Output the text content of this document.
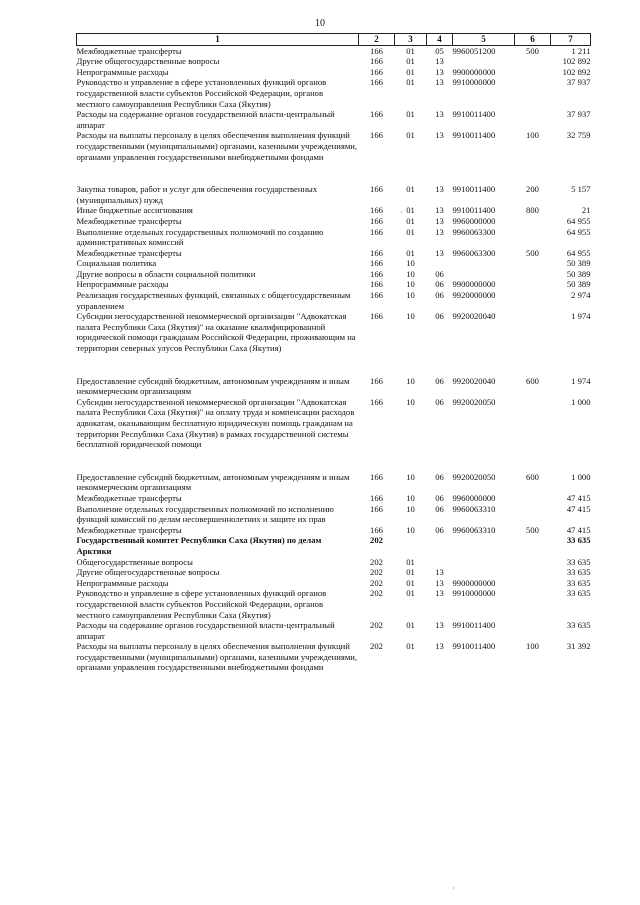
10
1	2	3	4	5	6	7
Межбюджетные трансферты	166	01	05	9960051200	500	1 211
Другие общегосударственные вопросы	166	01	13			102 892
Непрограммные расходы	166	01	13	9900000000		102 892
Руководство и управление в сфере установленных функций органов государственной власти субъектов Российской Федерации, органов местного самоуправления Республики Саха (Якутия)	166	01	13	9910000000		37 937
Расходы на содержание органов государственной власти-центральный аппарат	166	01	13	9910011400		37 937
Расходы на выплаты персоналу в целях обеспечения выполнения функций государственными (муниципальными) органами, казенными учреждениями, органами управления государственными внебюджетными фондами	166	01	13	9910011400	100	32 759
Закупка товаров, работ и услуг для обеспечения государственных (муниципальных) нужд	166	01	13	9910011400	200	5 157
Иные бюджетные ассигнования	166	01	13	9910011400	800	21
Межбюджетные трансферты	166	01	13	9960000000		64 955
Выполнение отдельных государственных полномочий по созданию административных комиссий	166	01	13	9960063300		64 955
Межбюджетные трансферты	166	01	13	9960063300	500	64 955
Социальная политика	166	10				50 389
Другие вопросы в области социальной политики	166	10	06			50 389
Непрограммные расходы	166	10	06	9900000000		50 389
Реализация государственных функций, связанных с общегосударственным управлением	166	10	06	9920000000		2 974
Субсидии негосударственной некоммерческой организации "Адвокатская палата Республики Саха (Якутия)" на оказание квалифицированной юридической помощи гражданам Российской Федерации, проживающим на территории северных улусов Республики Саха (Якутия)	166	10	06	9920020040		1 974
Предоставление субсидий бюджетным, автономным учреждениям и иным некоммерческим организациям	166	10	06	9920020040	600	1 974
Субсидии негосударственной некоммерческой организации "Адвокатская палата Республики Саха (Якутия)" на оплату труда и компенсации расходов адвокатам, оказывающим бесплатную юридическую помощь гражданам на территории Республики Саха (Якутия) в рамках государственной системы бесплатной юридической помощи	166	10	06	9920020050		1 000
Предоставление субсидий бюджетным, автономным учреждениям и иным некоммерческим организациям	166	10	06	9920020050	600	1 000
Межбюджетные трансферты	166	10	06	9960000000		47 415
Выполнение отдельных государственных полномочий по исполнению функций комиссий по делам несовершеннолетних и защите их прав	166	10	06	9960063310		47 415
Межбюджетные трансферты	166	10	06	9960063310	500	47 415
Государственный комитет Республики Саха (Якутия) по делам Арктики	202					33 635
Общегосударственные вопросы	202	01				33 635
Другие общегосударственные вопросы	202	01	13			33 635
Непрограммные расходы	202	01	13	9900000000		33 635
Руководство и управление в сфере установленных функций органов государственной власти субъектов Российской Федерации, органов местного самоуправления Республики Саха (Якутия)	202	01	13	9910000000		33 635
Расходы на содержание органов государственной власти-центральный аппарат	202	01	13	9910011400		33 635
Расходы на выплаты персоналу в целях обеспечения выполнения функций государственными (муниципальными) органами, казенными учреждениями, органами управления государственными внебюджетными фондами	202	01	13	9910011400	100	31 392
·
·
